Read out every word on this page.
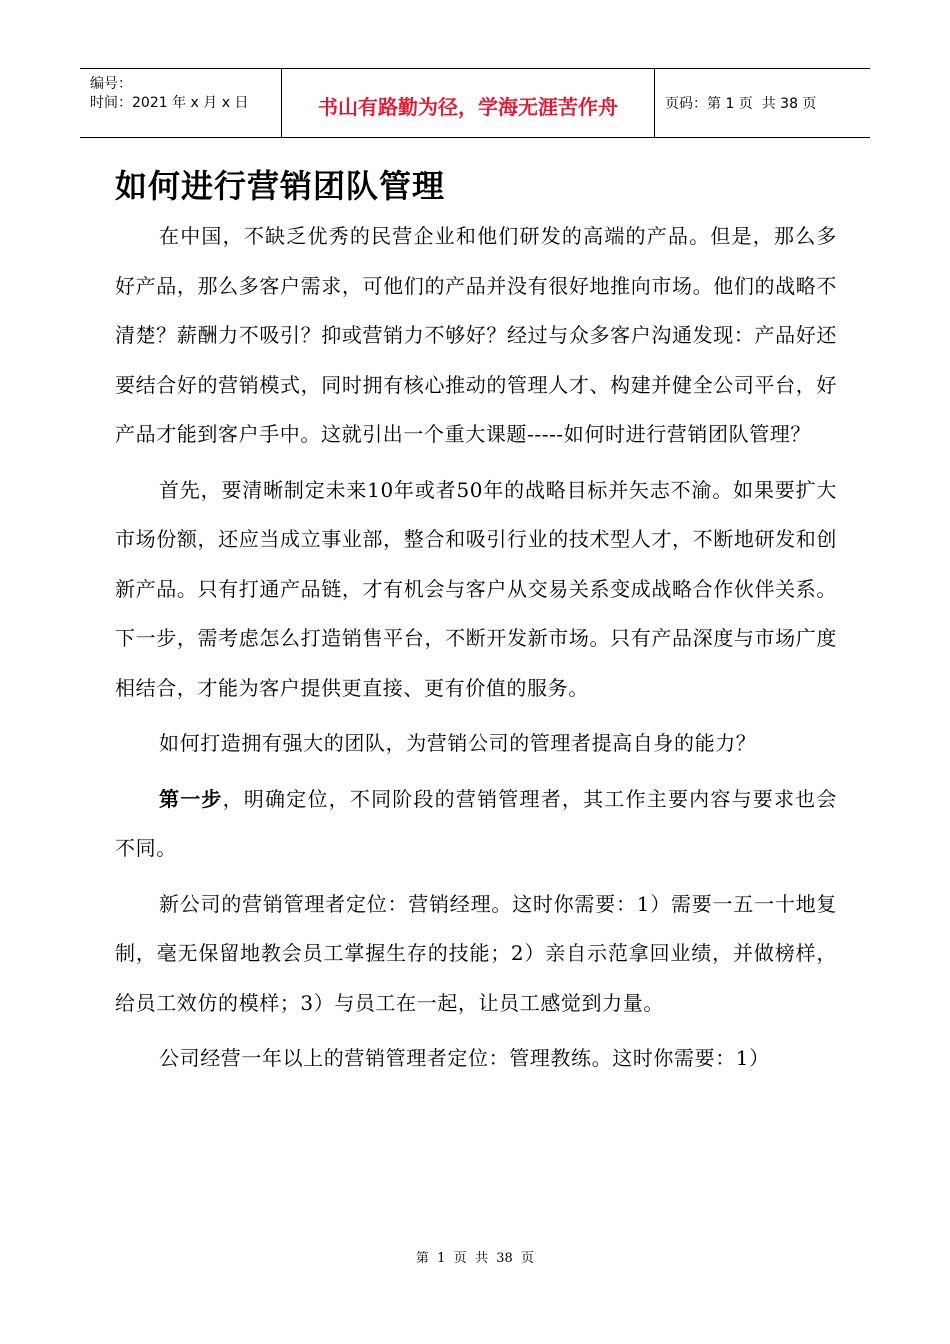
编号：
时间：2021 年 x 月 x 日	书山有路勤为径，学海无涯苦作舟	页码：第 1 页  共 38 页
如何进行营销团队管理

在中国，不缺乏优秀的民营企业和他们研发的高端的产品。但是，那么多好产品，那么多客户需求，可他们的产品并没有很好地推向市场。他们的战略不清楚？薪酬力不吸引？抑或营销力不够好？经过与众多客户沟通发现：产品好还要结合好的营销模式，同时拥有核心推动的管理人才、构建并健全公司平台，好产品才能到客户手中。这就引出一个重大课题-----如何时进行营销团队管理？

首先，要清晰制定未来10年或者50年的战略目标并矢志不渝。如果要扩大市场份额，还应当成立事业部，整合和吸引行业的技术型人才，不断地研发和创新产品。只有打通产品链，才有机会与客户从交易关系变成战略合作伙伴关系。下一步，需考虑怎么打造销售平台，不断开发新市场。只有产品深度与市场广度相结合，才能为客户提供更直接、更有价值的服务。

如何打造拥有强大的团队，为营销公司的管理者提高自身的能力？

第一步，明确定位，不同阶段的营销管理者，其工作主要内容与要求也会不同。

新公司的营销管理者定位：营销经理。这时你需要：1）需要一五一十地复制，毫无保留地教会员工掌握生存的技能；2）亲自示范拿回业绩，并做榜样，给员工效仿的模样；3）与员工在一起，让员工感觉到力量。

公司经营一年以上的营销管理者定位：管理教练。这时你需要：1）

第  1  页  共  38  页
